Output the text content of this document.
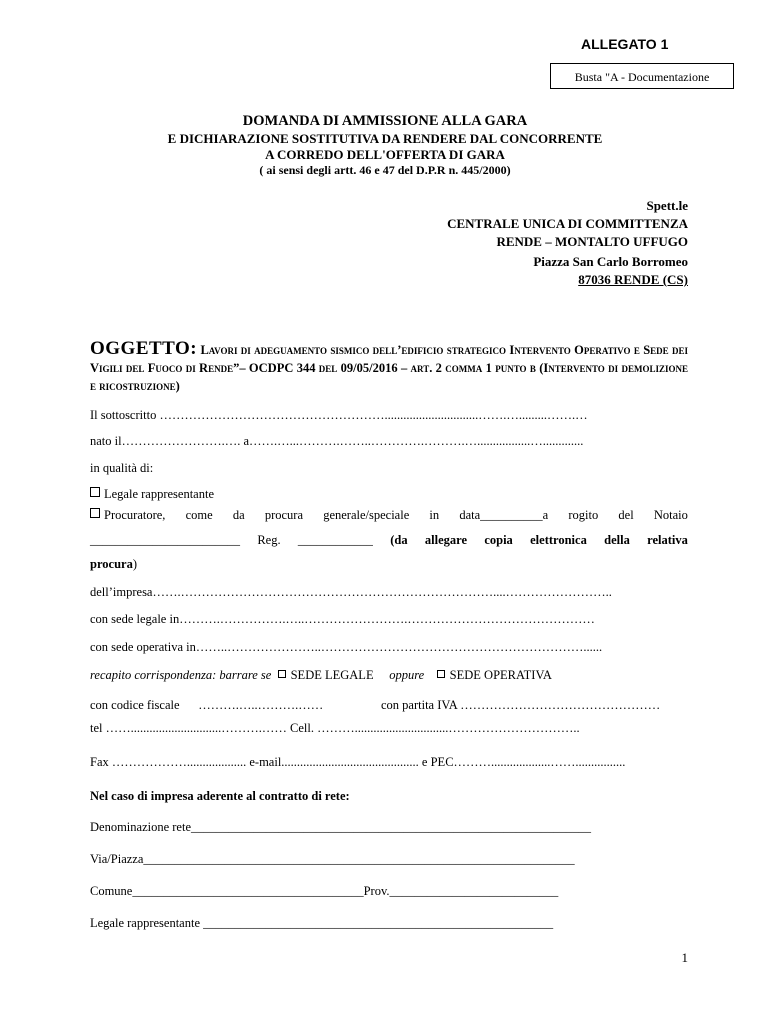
ALLEGATO 1
Busta "A - Documentazione
DOMANDA DI AMMISSIONE ALLA GARA
E DICHIARAZIONE SOSTITUTIVA DA RENDERE DAL CONCORRENTE
A CORREDO DELL'OFFERTA DI GARA
( ai sensi degli artt. 46 e 47 del D.P.R n. 445/2000)
Spett.le
CENTRALE UNICA DI COMMITTENZA
RENDE – MONTALTO UFFUGO
Piazza San Carlo Borromeo
87036 RENDE (CS)
OGGETTO: Lavori di adeguamento sismico dell’edificio strategico Intervento Operativo e Sede dei Vigili del Fuoco di Rende”– OCDPC 344 del 09/05/2016 – art. 2 comma 1 punto b (Intervento di demolizione e ricostruzione)
Il sottoscritto ………………………………………………..............................…….….........…….…
nato il…………………….…. a…….…...……….……..………….……….….................….............
in qualità di:
Legale rappresentante
Procuratore, come da procura generale/speciale in data__________a rogito del Notaio
________________________ Reg. ____________ (da allegare copia elettronica della relativa
procura)
dell’impresa…….…………………………………………………………………....……………………..
con sede legale in……….…………….…..…………………….………………………………………
con sede operativa in……..…………………..………………………………………………………......
recapito corrispondenza: barrare se SEDE LEGALE oppure SEDE OPERATIVA
con codice fiscale ……….…..……….……	con partita IVA …………………………………………
tel …….............................……….…… Cell. ………..............................…………………………..
Fax ………………................... e-mail............................................ e PEC………...................……................
Nel caso di impresa aderente al contratto di rete:
Denominazione rete________________________________________________________________
Via/Piazza_____________________________________________________________________
Comune_____________________________________Prov.___________________________
Legale rappresentante ________________________________________________________
1
